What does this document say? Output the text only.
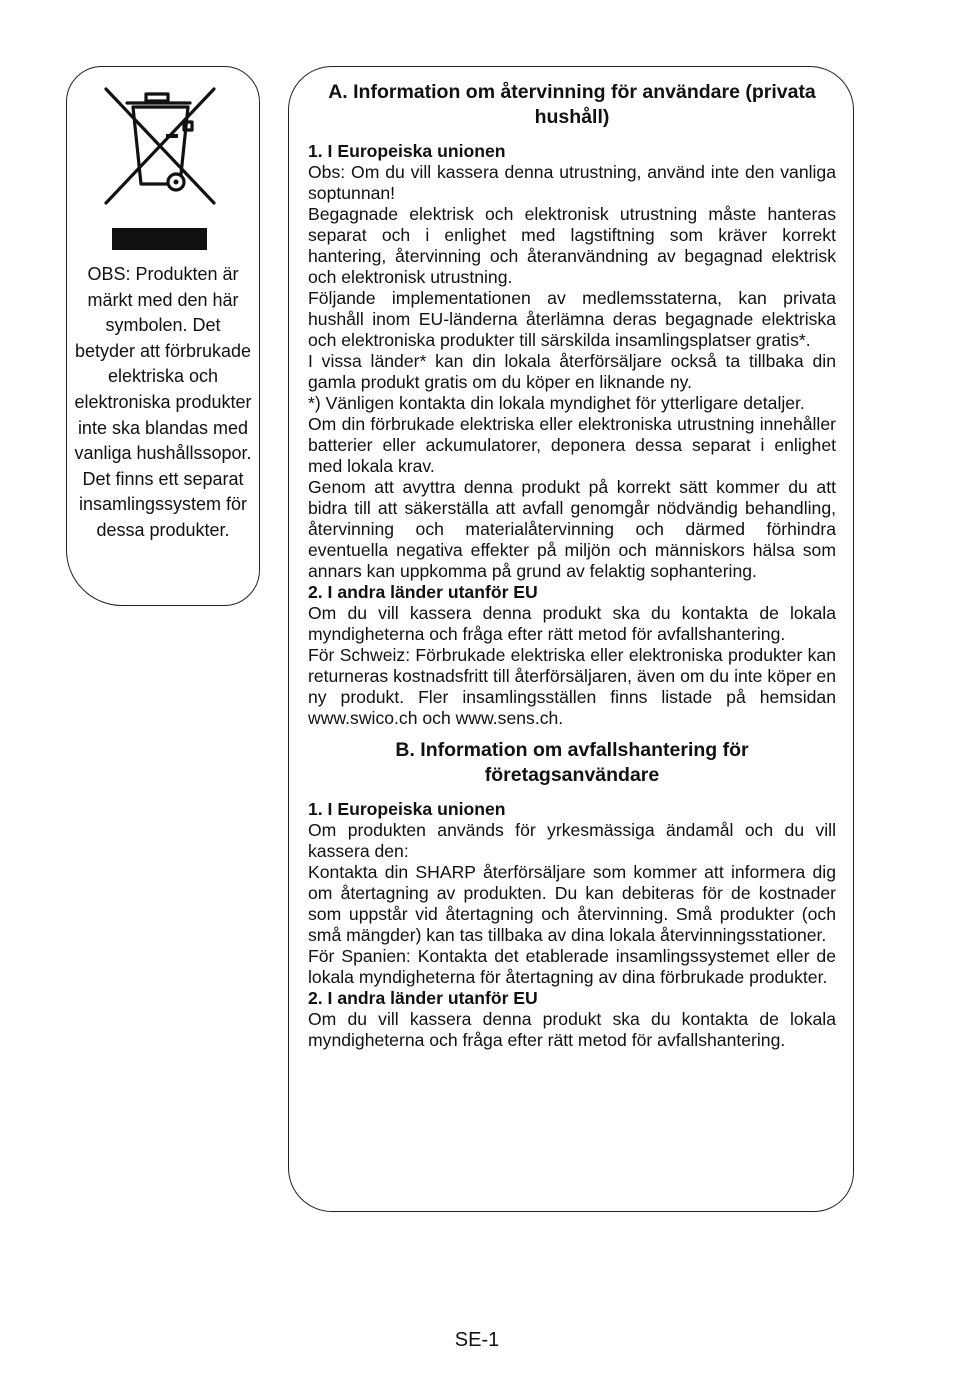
OBS: Produkten är märkt med den här symbolen. Det betyder att förbrukade elektriska och elektroniska produkter inte ska blandas med vanliga hushållssopor. Det finns ett separat insamlingssystem för dessa produkter.
A. Information om återvinning för användare (privata hushåll)

1. I Europeiska unionen

Obs: Om du vill kassera denna utrustning, använd inte den vanliga soptunnan!

Begagnade elektrisk och elektronisk utrustning måste hanteras separat och i enlighet med lagstiftning som kräver korrekt hantering, återvinning och återanvändning av begagnad elektrisk och elektronisk utrustning.

Följande implementationen av medlemsstaterna, kan privata hushåll inom EU-länderna återlämna deras begagnade elektriska och elektroniska produkter till särskilda insamlingsplatser gratis*.

I vissa länder* kan din lokala återförsäljare också ta tillbaka din gamla produkt gratis om du köper en liknande ny.

*) Vänligen kontakta din lokala myndighet för ytterligare detaljer.

Om din förbrukade elektriska eller elektroniska utrustning innehåller batterier eller ackumulatorer, deponera dessa separat i enlighet med lokala krav.

Genom att avyttra denna produkt på korrekt sätt kommer du att bidra till att säkerställa att avfall genomgår nödvändig behandling, återvinning och materialåtervinning och därmed förhindra eventuella negativa effekter på miljön och människors hälsa som annars kan uppkomma på grund av felaktig sophantering.

2. I andra länder utanför EU

Om du vill kassera denna produkt ska du kontakta de lokala myndigheterna och fråga efter rätt metod för avfallshantering.

För Schweiz: Förbrukade elektriska eller elektroniska produkter kan returneras kostnadsfritt till återförsäljaren, även om du inte köper en ny produkt. Fler insamlingsställen finns listade på hemsidan www.swico.ch och www.sens.ch.

B. Information om avfallshantering för företagsanvändare

1. I Europeiska unionen

Om produkten används för yrkesmässiga ändamål och du vill kassera den:

Kontakta din SHARP återförsäljare som kommer att informera dig om återtagning av produkten. Du kan debiteras för de kostnader som uppstår vid återtagning och återvinning. Små produkter (och små mängder) kan tas tillbaka av dina lokala återvinningsstationer.

För Spanien: Kontakta det etablerade insamlingssystemet eller de lokala myndigheterna för återtagning av dina förbrukade produkter.

2. I andra länder utanför EU

Om du vill kassera denna produkt ska du kontakta de lokala myndigheterna och fråga efter rätt metod för avfallshantering.

SE-1
